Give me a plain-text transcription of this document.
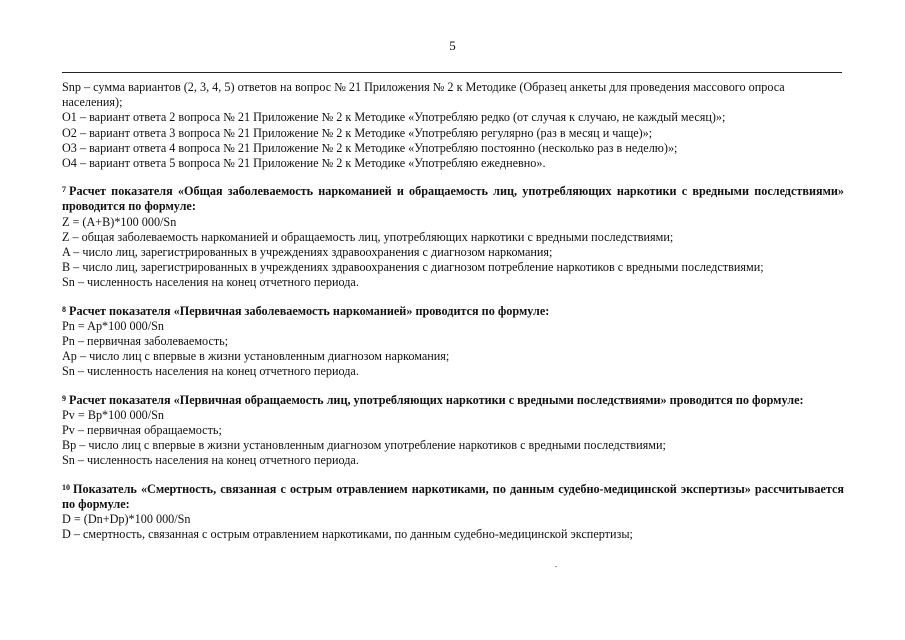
5
Snp – сумма вариантов (2, 3, 4, 5) ответов на вопрос № 21 Приложения № 2 к Методике (Образец анкеты для проведения массового опроса населения);
O1 – вариант ответа 2 вопроса № 21 Приложение № 2 к Методике «Употребляю редко (от случая к случаю, не каждый месяц)»;
O2 – вариант ответа 3 вопроса № 21 Приложение № 2 к Методике «Употребляю регулярно (раз в месяц и чаще)»;
O3 – вариант ответа 4 вопроса № 21 Приложение № 2 к Методике «Употребляю постоянно (несколько раз в неделю)»;
O4 – вариант ответа 5 вопроса № 21 Приложение № 2 к Методике «Употребляю ежедневно».
$^7$ Расчет показателя «Общая заболеваемость наркоманией и обращаемость лиц, употребляющих наркотики с вредными последствиями» проводится по формуле:
Z = (A+B)*100 000/Sn
Z – общая заболеваемость наркоманией и обращаемость лиц, употребляющих наркотики с вредными последствиями;
A – число лиц, зарегистрированных в учреждениях здравоохранения с диагнозом наркомания;
B – число лиц, зарегистрированных в учреждениях здравоохранения с диагнозом потребление наркотиков с вредными последствиями;
Sn – численность населения на конец отчетного периода.
$^8$ Расчет показателя «Первичная заболеваемость наркоманией» проводится по формуле:
Pn = Ap*100 000/Sn
Pn – первичная заболеваемость;
Ap – число лиц с впервые в жизни установленным диагнозом наркомания;
Sn – численность населения на конец отчетного периода.
$^9$ Расчет показателя «Первичная обращаемость лиц, употребляющих наркотики с вредными последствиями» проводится по формуле:
Pv = Bp*100 000/Sn
Pv – первичная обращаемость;
Bp – число лиц с впервые в жизни установленным диагнозом употребление наркотиков с вредными последствиями;
Sn – численность населения на конец отчетного периода.
$^{10}$ Показатель «Смертность, связанная с острым отравлением наркотиками, по данным судебно-медицинской экспертизы» рассчитывается по формуле:
D = (Dn+Dp)*100 000/Sn
D – смертность, связанная с острым отравлением наркотиками, по данным судебно-медицинской экспертизы;
